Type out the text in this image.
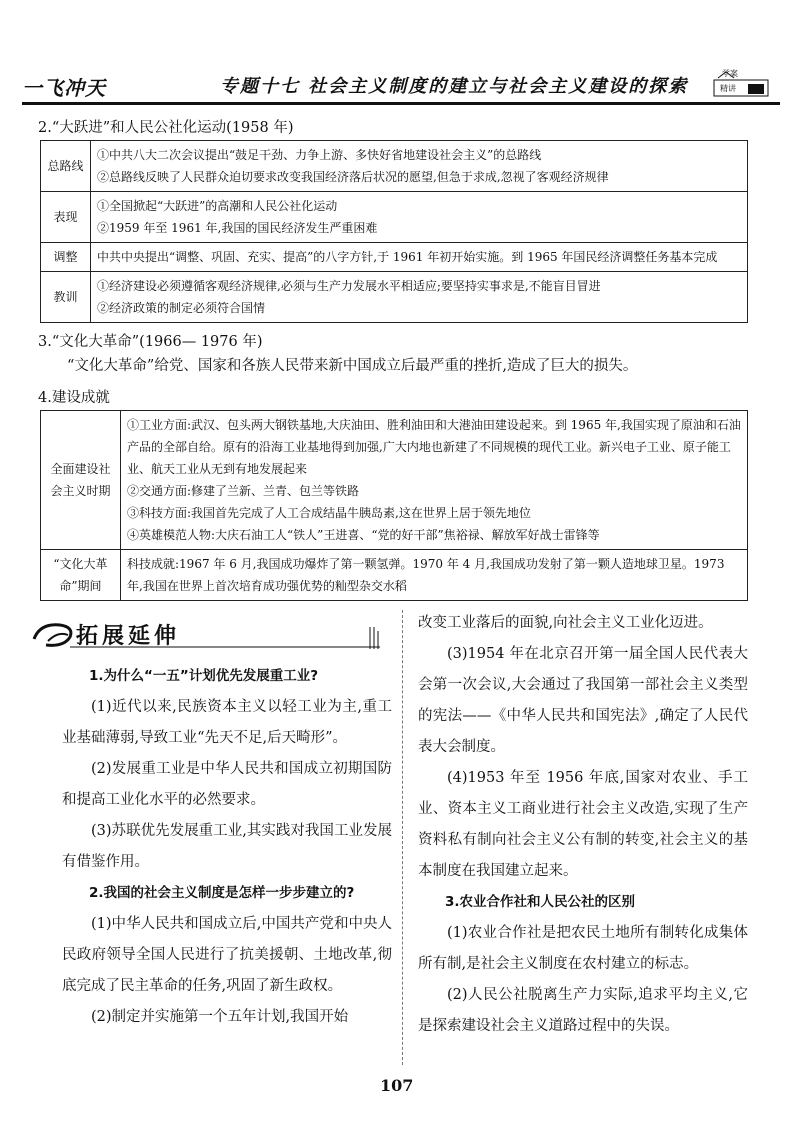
一飞冲天	专题十七 社会主义制度的建立与社会主义建设的探索
学案
精讲
2.“大跃进”和人民公社化运动(1958 年)
总路线	①中共八大二次会议提出“鼓足干劲、力争上游、多快好省地建设社会主义”的总路线
②总路线反映了人民群众迫切要求改变我国经济落后状况的愿望,但急于求成,忽视了客观经济规律

表现	①全国掀起“大跃进”的高潮和人民公社化运动
②1959 年至 1961 年,我国的国民经济发生严重困难

调整	中共中央提出“调整、巩固、充实、提高”的八字方针,于 1961 年初开始实施。到 1965 年国民经济调整任务基本完成

教训	①经济建设必须遵循客观经济规律,必须与生产力发展水平相适应;要坚持实事求是,不能盲目冒进
②经济政策的制定必须符合国情
3.“文化大革命”(1966— 1976 年)
“文化大革命”给党、国家和各族人民带来新中国成立后最严重的挫折,造成了巨大的损失。
4.建设成就
全面建设社
会主义时期	①工业方面:武汉、包头两大钢铁基地,大庆油田、胜利油田和大港油田建设起来。到 1965 年,我国实现了原油和石油产品的全部自给。原有的沿海工业基地得到加强,广大内地也新建了不同规模的现代工业。新兴电子工业、原子能工业、航天工业从无到有地发展起来
②交通方面:修建了兰新、兰青、包兰等铁路
③科技方面:我国首先完成了人工合成结晶牛胰岛素,这在世界上居于领先地位
④英雄模范人物:大庆石油工人“铁人”王进喜、“党的好干部”焦裕禄、解放军好战士雷锋等

“文化大革
命”期间	科技成就:1967 年 6 月,我国成功爆炸了第一颗氢弹。1970 年 4 月,我国成功发射了第一颗人造地球卫星。1973 年,我国在世界上首次培育成功强优势的籼型杂交水稻
拓展延伸

1.为什么“一五”计划优先发展重工业?

(1)近代以来,民族资本主义以轻工业为主,重工业基础薄弱,导致工业“先天不足,后天畸形”。

(2)发展重工业是中华人民共和国成立初期国防和提高工业化水平的必然要求。

(3)苏联优先发展重工业,其实践对我国工业发展有借鉴作用。

2.我国的社会主义制度是怎样一步步建立的?

(1)中华人民共和国成立后,中国共产党和中央人民政府领导全国人民进行了抗美援朝、土地改革,彻底完成了民主革命的任务,巩固了新生政权。

(2)制定并实施第一个五年计划,我国开始

改变工业落后的面貌,向社会主义工业化迈进。

(3)1954 年在北京召开第一届全国人民代表大会第一次会议,大会通过了我国第一部社会主义类型的宪法——《中华人民共和国宪法》,确定了人民代表大会制度。

(4)1953 年至 1956 年底,国家对农业、手工业、资本主义工商业进行社会主义改造,实现了生产资料私有制向社会主义公有制的转变,社会主义的基本制度在我国建立起来。

3.农业合作社和人民公社的区别

(1)农业合作社是把农民土地所有制转化成集体所有制,是社会主义制度在农村建立的标志。

(2)人民公社脱离生产力实际,追求平均主义,它是探索建设社会主义道路过程中的失误。

107
